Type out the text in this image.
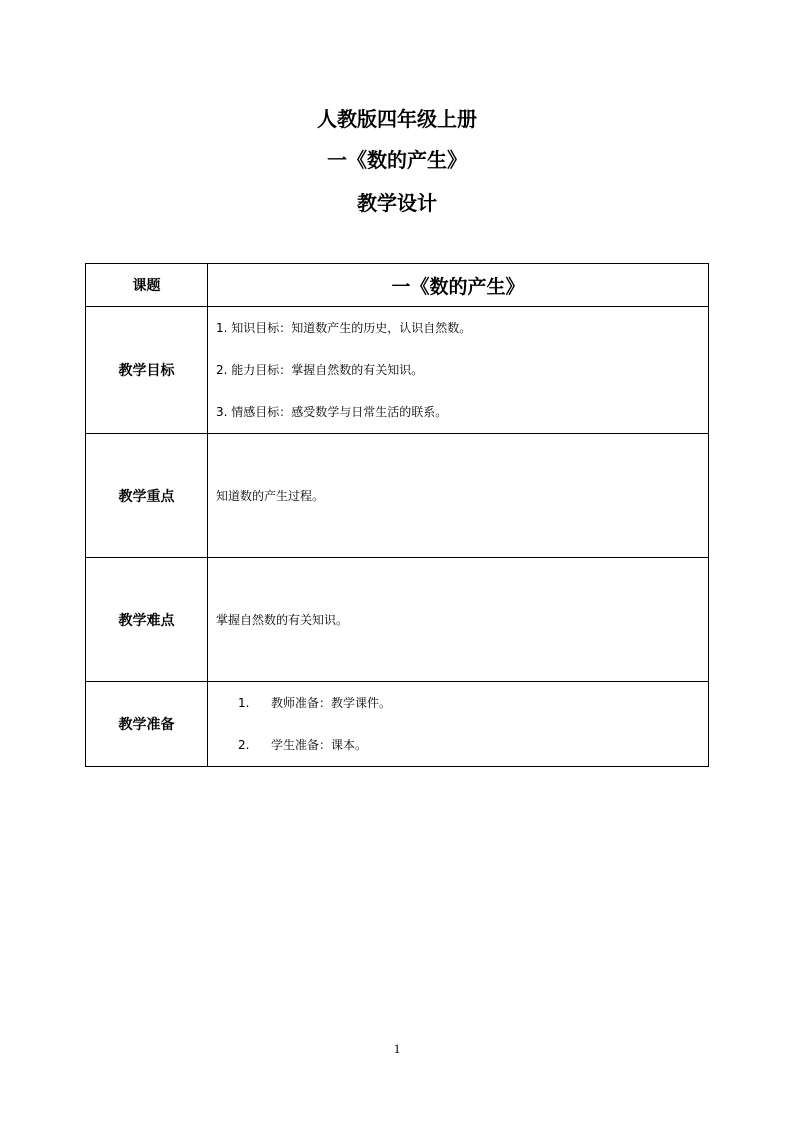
人教版四年级上册
一《数的产生》
教学设计
课题	一《数的产生》
教学目标	1. 知识目标：知道数产生的历史，认识自然数。
2. 能力目标：掌握自然数的有关知识。
3. 情感目标：感受数学与日常生活的联系。

教学重点	知道数的产生过程。

教学难点	掌握自然数的有关知识。

教学准备	1. 教师准备：教学课件。
2. 学生准备：课本。
1
